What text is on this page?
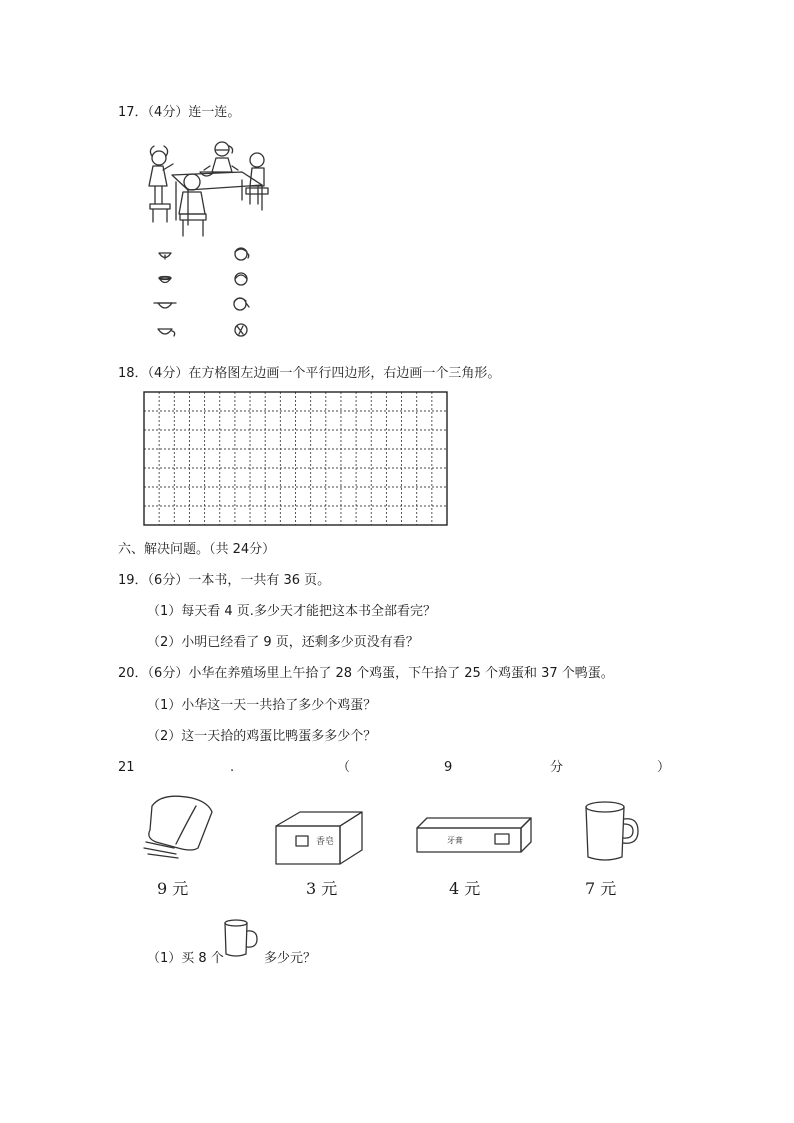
17．（4分）连一连。
18．（4分）在方格图左边画一个平行四边形，右边画一个三角形。
六、解决问题。（共 24分）
19．（6分）一本书，一共有 36 页。
（1）每天看 4 页.多少天才能把这本书全部看完？
（2）小明已经看了 9 页，还剩多少页没有看？
20．（6分）小华在养殖场里上午拾了 28 个鸡蛋，下午拾了 25 个鸡蛋和 37 个鸭蛋。
（1）小华这一天一共拾了多少个鸡蛋？
（2）这一天拾的鸡蛋比鸭蛋多多少个？
21	.	（	9	分	）
9 元
香皂
3 元
牙膏
4 元	7 元
（1）买 8 个	多少元？
